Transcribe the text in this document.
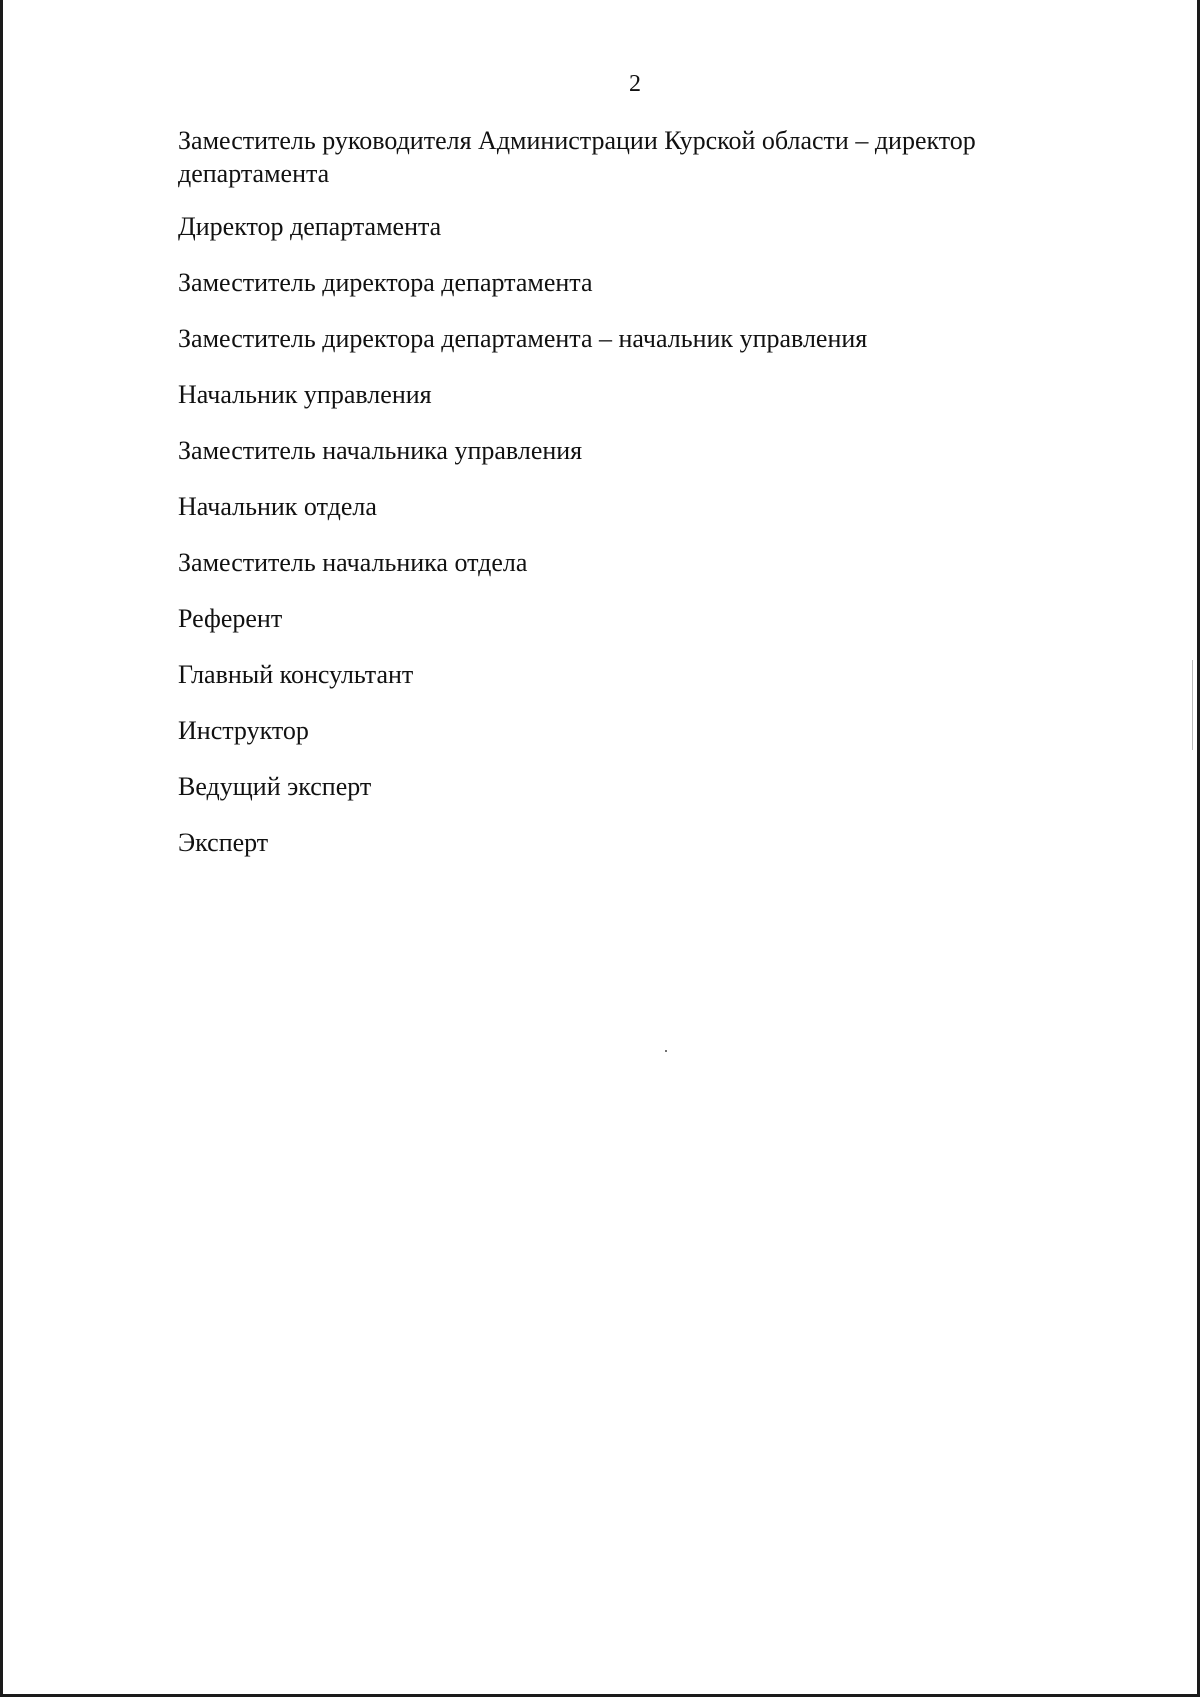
2
Заместитель руководителя Администрации Курской области – директор департамента
Директор департамента
Заместитель директора департамента
Заместитель директора департамента – начальник управления
Начальник управления
Заместитель начальника управления
Начальник отдела
Заместитель начальника отдела
Референт
Главный консультант
Инструктор
Ведущий эксперт
Эксперт
